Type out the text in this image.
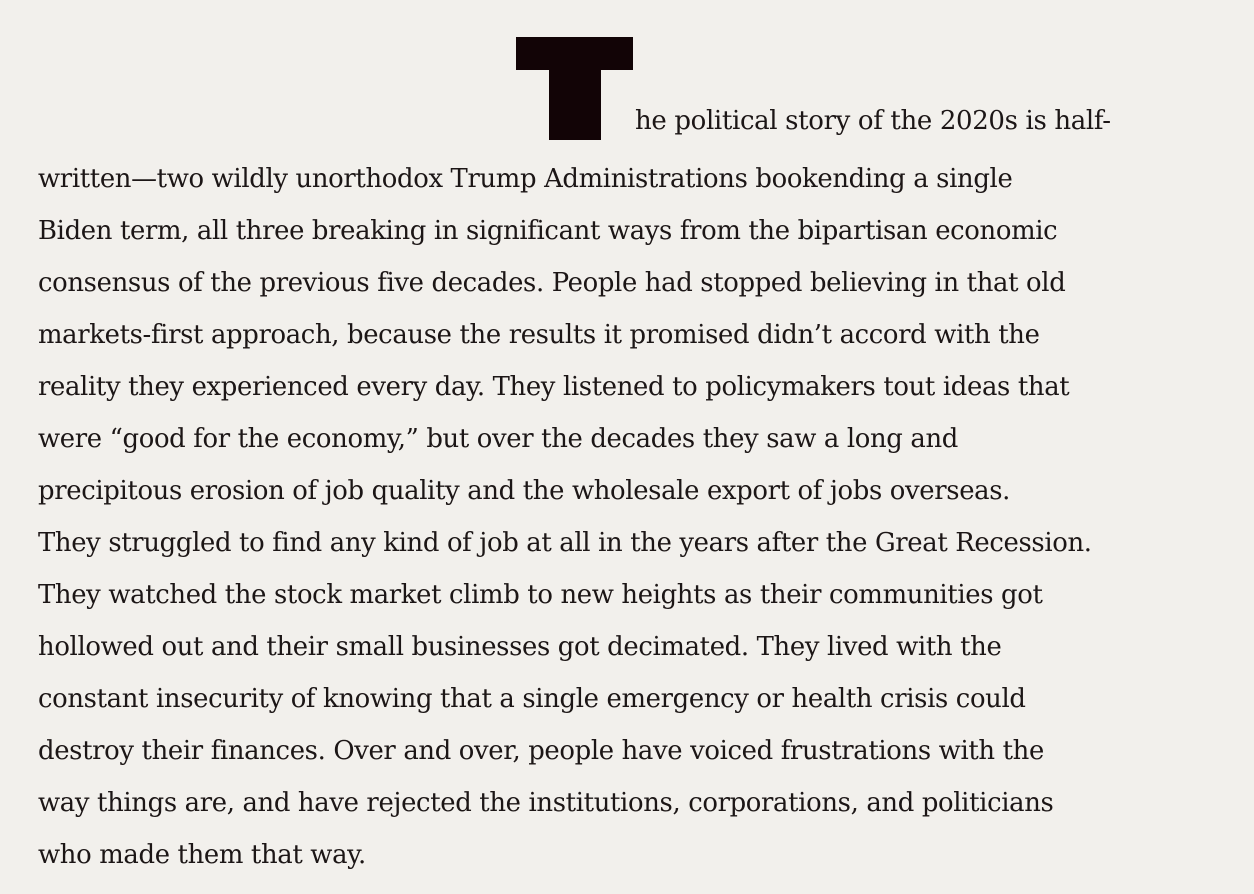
he political story of the 2020s is half-
written—two wildly unorthodox Trump Administrations bookending a single
Biden term, all three breaking in significant ways from the bipartisan economic
consensus of the previous five decades. People had stopped believing in that old
markets-first approach, because the results it promised didn’t accord with the
reality they experienced every day. They listened to policymakers tout ideas that
were “good for the economy,” but over the decades they saw a long and
precipitous erosion of job quality and the wholesale export of jobs overseas.
They struggled to find any kind of job at all in the years after the Great Recession.
They watched the stock market climb to new heights as their communities got
hollowed out and their small businesses got decimated. They lived with the
constant insecurity of knowing that a single emergency or health crisis could
destroy their finances. Over and over, people have voiced frustrations with the
way things are, and have rejected the institutions, corporations, and politicians
who made them that way.
